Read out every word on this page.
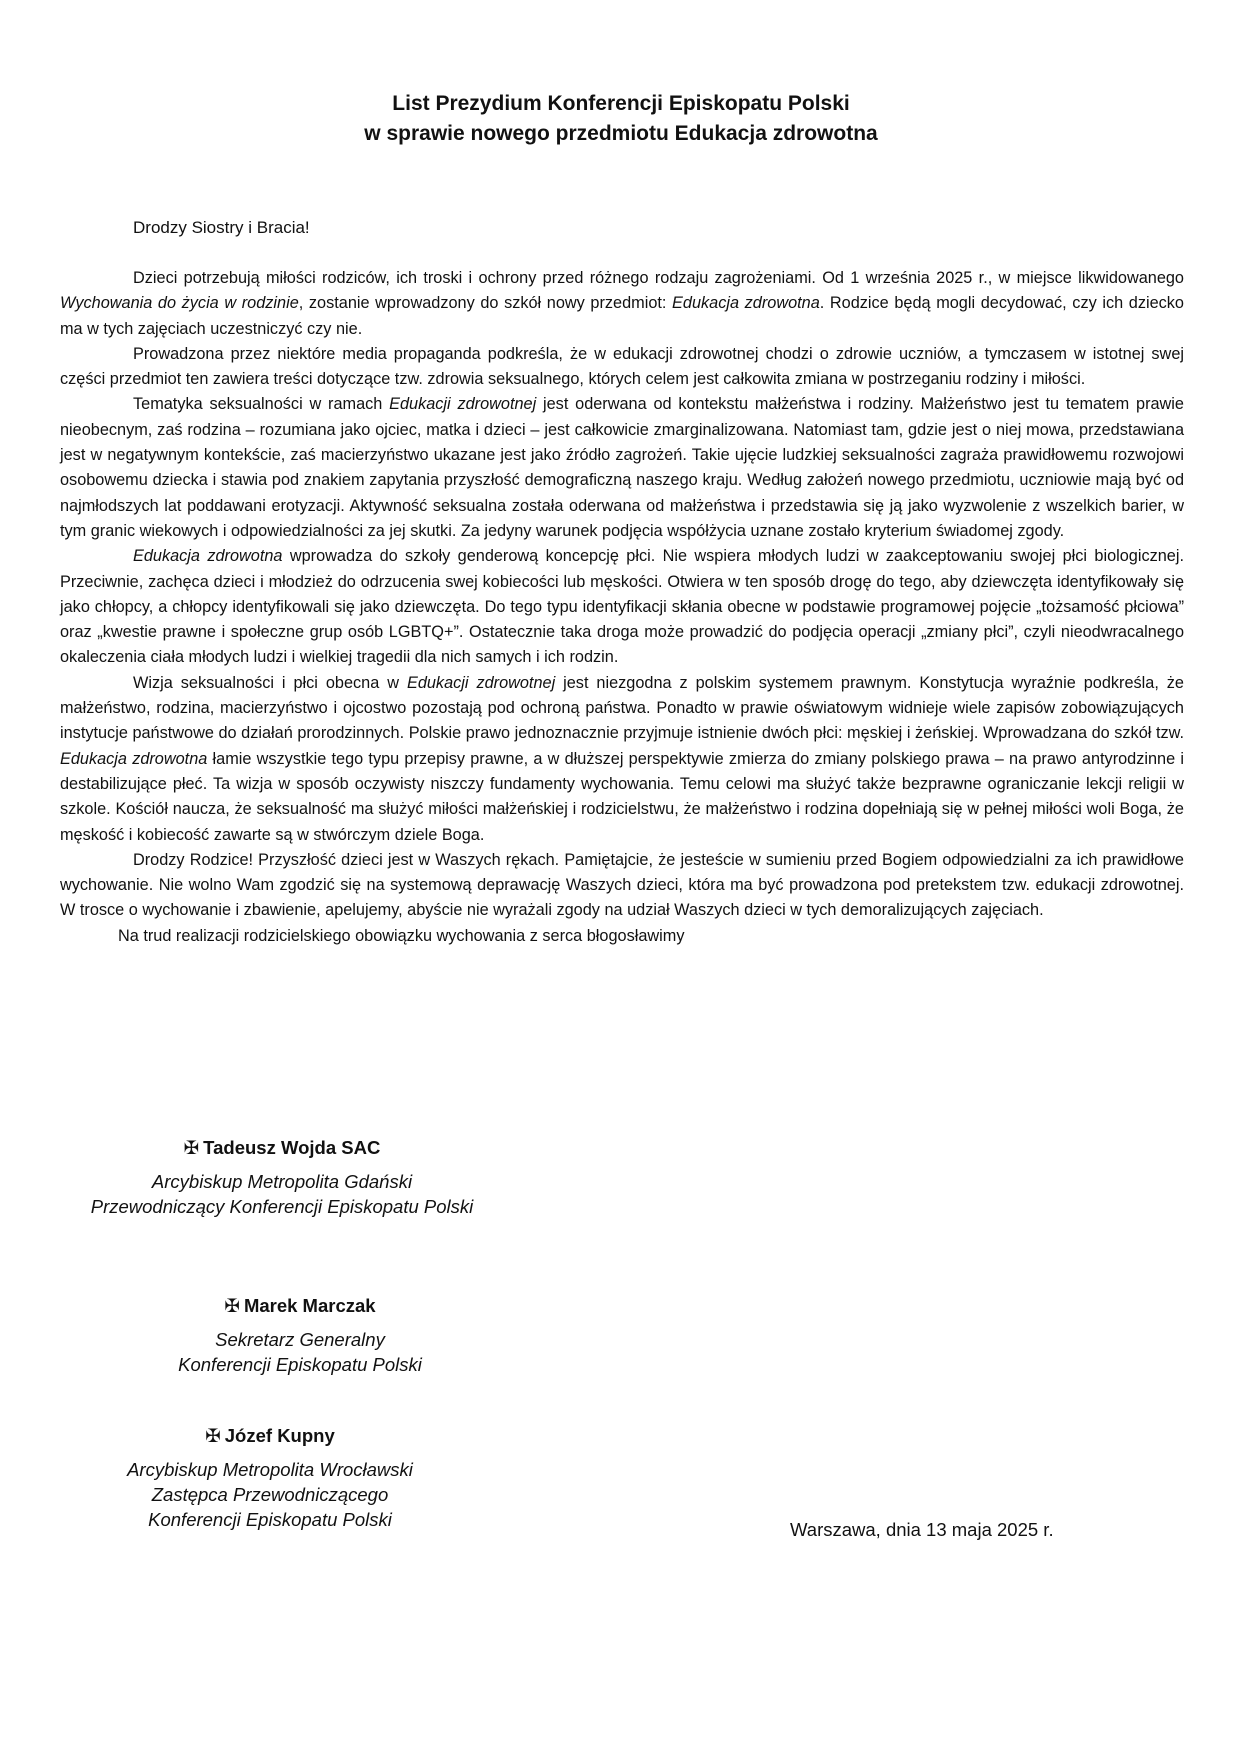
List Prezydium Konferencji Episkopatu Polski
w sprawie nowego przedmiotu Edukacja zdrowotna
Drodzy Siostry i Bracia!

Dzieci potrzebują miłości rodziców, ich troski i ochrony przed różnego rodzaju zagrożeniami. Od 1 września 2025 r., w miejsce likwidowanego Wychowania do życia w rodzinie, zostanie wprowadzony do szkół nowy przedmiot: Edukacja zdrowotna. Rodzice będą mogli decydować, czy ich dziecko ma w tych zajęciach uczestniczyć czy nie.

Prowadzona przez niektóre media propaganda podkreśla, że w edukacji zdrowotnej chodzi o zdrowie uczniów, a tymczasem w istotnej swej części przedmiot ten zawiera treści dotyczące tzw. zdrowia seksualnego, których celem jest całkowita zmiana w postrzeganiu rodziny i miłości.

Tematyka seksualności w ramach Edukacji zdrowotnej jest oderwana od kontekstu małżeństwa i rodziny. Małżeństwo jest tu tematem prawie nieobecnym, zaś rodzina – rozumiana jako ojciec, matka i dzieci – jest całkowicie zmarginalizowana. Natomiast tam, gdzie jest o niej mowa, przedstawiana jest w negatywnym kontekście, zaś macierzyństwo ukazane jest jako źródło zagrożeń. Takie ujęcie ludzkiej seksualności zagraża prawidłowemu rozwojowi osobowemu dziecka i stawia pod znakiem zapytania przyszłość demograficzną naszego kraju. Według założeń nowego przedmiotu, uczniowie mają być od najmłodszych lat poddawani erotyzacji. Aktywność seksualna została oderwana od małżeństwa i przedstawia się ją jako wyzwolenie z wszelkich barier, w tym granic wiekowych i odpowiedzialności za jej skutki. Za jedyny warunek podjęcia współżycia uznane zostało kryterium świadomej zgody.

Edukacja zdrowotna wprowadza do szkoły genderową koncepcję płci. Nie wspiera młodych ludzi w zaakceptowaniu swojej płci biologicznej. Przeciwnie, zachęca dzieci i młodzież do odrzucenia swej kobiecości lub męskości. Otwiera w ten sposób drogę do tego, aby dziewczęta identyfikowały się jako chłopcy, a chłopcy identyfikowali się jako dziewczęta. Do tego typu identyfikacji skłania obecne w podstawie programowej pojęcie „tożsamość płciowa” oraz „kwestie prawne i społeczne grup osób LGBTQ+”. Ostatecznie taka droga może prowadzić do podjęcia operacji „zmiany płci”, czyli nieodwracalnego okaleczenia ciała młodych ludzi i wielkiej tragedii dla nich samych i ich rodzin.

Wizja seksualności i płci obecna w Edukacji zdrowotnej jest niezgodna z polskim systemem prawnym. Konstytucja wyraźnie podkreśla, że małżeństwo, rodzina, macierzyństwo i ojcostwo pozostają pod ochroną państwa. Ponadto w prawie oświatowym widnieje wiele zapisów zobowiązujących instytucje państwowe do działań prorodzinnych. Polskie prawo jednoznacznie przyjmuje istnienie dwóch płci: męskiej i żeńskiej. Wprowadzana do szkół tzw. Edukacja zdrowotna łamie wszystkie tego typu przepisy prawne, a w dłuższej perspektywie zmierza do zmiany polskiego prawa – na prawo antyrodzinne i destabilizujące płeć. Ta wizja w sposób oczywisty niszczy fundamenty wychowania. Temu celowi ma służyć także bezprawne ograniczanie lekcji religii w szkole. Kościół naucza, że seksualność ma służyć miłości małżeńskiej i rodzicielstwu, że małżeństwo i rodzina dopełniają się w pełnej miłości woli Boga, że męskość i kobiecość zawarte są w stwórczym dziele Boga.

Drodzy Rodzice! Przyszłość dzieci jest w Waszych rękach. Pamiętajcie, że jesteście w sumieniu przed Bogiem odpowiedzialni za ich prawidłowe wychowanie. Nie wolno Wam zgodzić się na systemową deprawację Waszych dzieci, która ma być prowadzona pod pretekstem tzw. edukacji zdrowotnej. W trosce o wychowanie i zbawienie, apelujemy, abyście nie wyrażali zgody na udział Waszych dzieci w tych demoralizujących zajęciach.

Na trud realizacji rodzicielskiego obowiązku wychowania z serca błogosławimy

✠ Tadeusz Wojda SAC
Arcybiskup Metropolita Gdański
Przewodniczący Konferencji Episkopatu Polski
✠ Marek Marczak
Sekretarz Generalny
Konferencji Episkopatu Polski
✠ Józef Kupny
Arcybiskup Metropolita Wrocławski
Zastępca Przewodniczącego
Konferencji Episkopatu Polski	Warszawa, dnia 13 maja 2025 r.
